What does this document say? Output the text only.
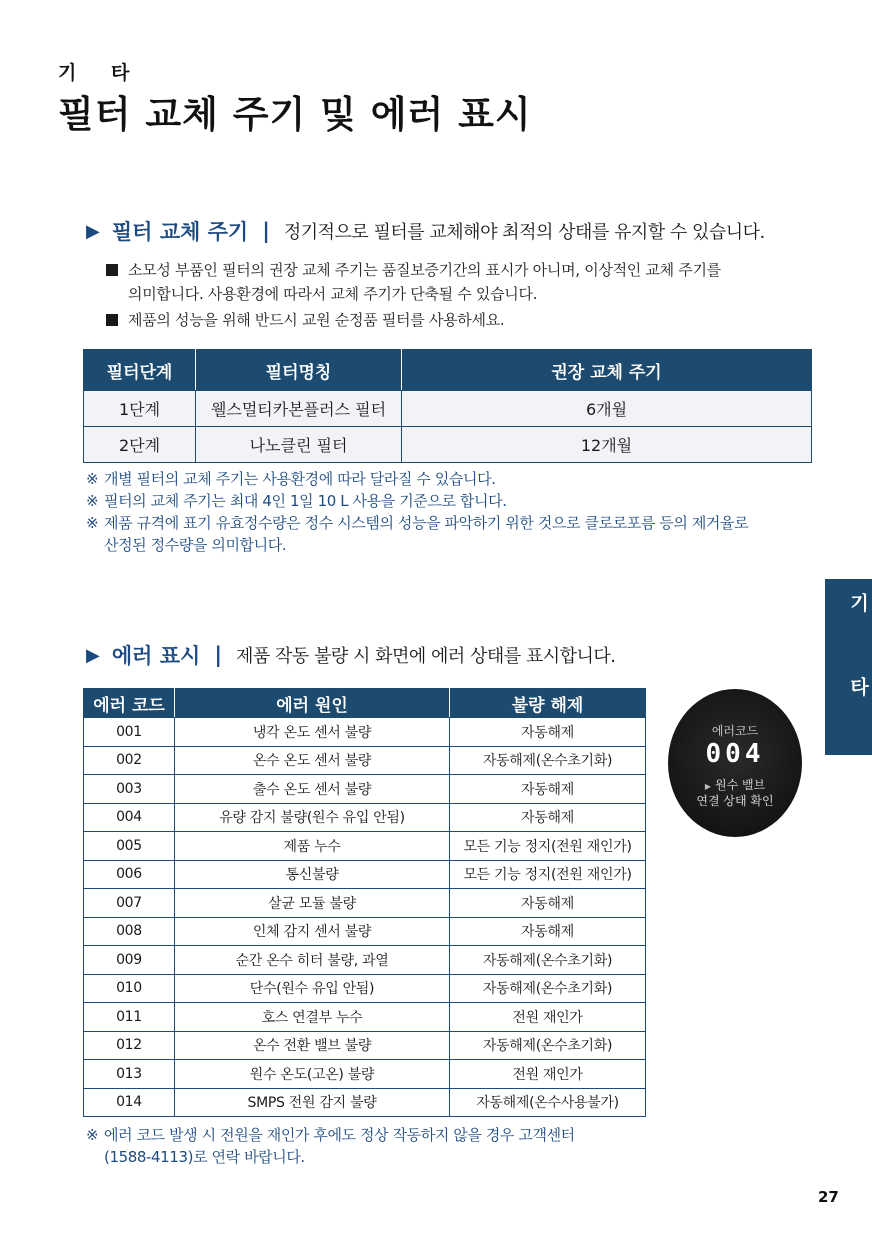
기 타
필터 교체 주기 및 에러 표시
▶ 필터 교체 주기 | 정기적으로 필터를 교체해야 최적의 상태를 유지할 수 있습니다.
소모성 부품인 필터의 권장 교체 주기는 품질보증기간의 표시가 아니며, 이상적인 교체 주기를
의미합니다. 사용환경에 따라서 교체 주기가 단축될 수 있습니다.
제품의 성능을 위해 반드시 교원 순정품 필터를 사용하세요.
필터단계	필터명칭	권장 교체 주기
1단계	웰스멀티카본플러스 필터	6개월
2단계	나노클린 필터	12개월
※ 개별 필터의 교체 주기는 사용환경에 따라 달라질 수 있습니다.
※ 필터의 교체 주기는 최대 4인 1일 10 L 사용을 기준으로 합니다.
※ 제품 규격에 표기 유효정수량은 정수 시스템의 성능을 파악하기 위한 것으로 클로로포름 등의 제거율로
산정된 정수량을 의미합니다.
▶ 에러 표시 | 제품 작동 불량 시 화면에 에러 상태를 표시합니다.
에러 코드	에러 원인	불량 해제
001	냉각 온도 센서 불량	자동해제
002	온수 온도 센서 불량	자동해제(온수초기화)
003	출수 온도 센서 불량	자동해제
004	유량 감지 불량(원수 유입 안됨)	자동해제
005	제품 누수	모든 기능 정지(전원 재인가)
006	통신불량	모든 기능 정지(전원 재인가)
007	살균 모듈 불량	자동해제
008	인체 감지 센서 불량	자동해제
009	순간 온수 히터 불량, 과열	자동해제(온수초기화)
010	단수(원수 유입 안됨)	자동해제(온수초기화)
011	호스 연결부 누수	전원 재인가
012	온수 전환 밸브 불량	자동해제(온수초기화)
013	원수 온도(고온) 불량	전원 재인가
014	SMPS 전원 감지 불량	자동해제(온수사용불가)
※ 에러 코드 발생 시 전원을 재인가 후에도 정상 작동하지 않을 경우 고객센터
(1588-4113)로 연락 바랍니다.
에러코드
004
▶ 원수 밸브
연결 상태 확인
기
타
27
